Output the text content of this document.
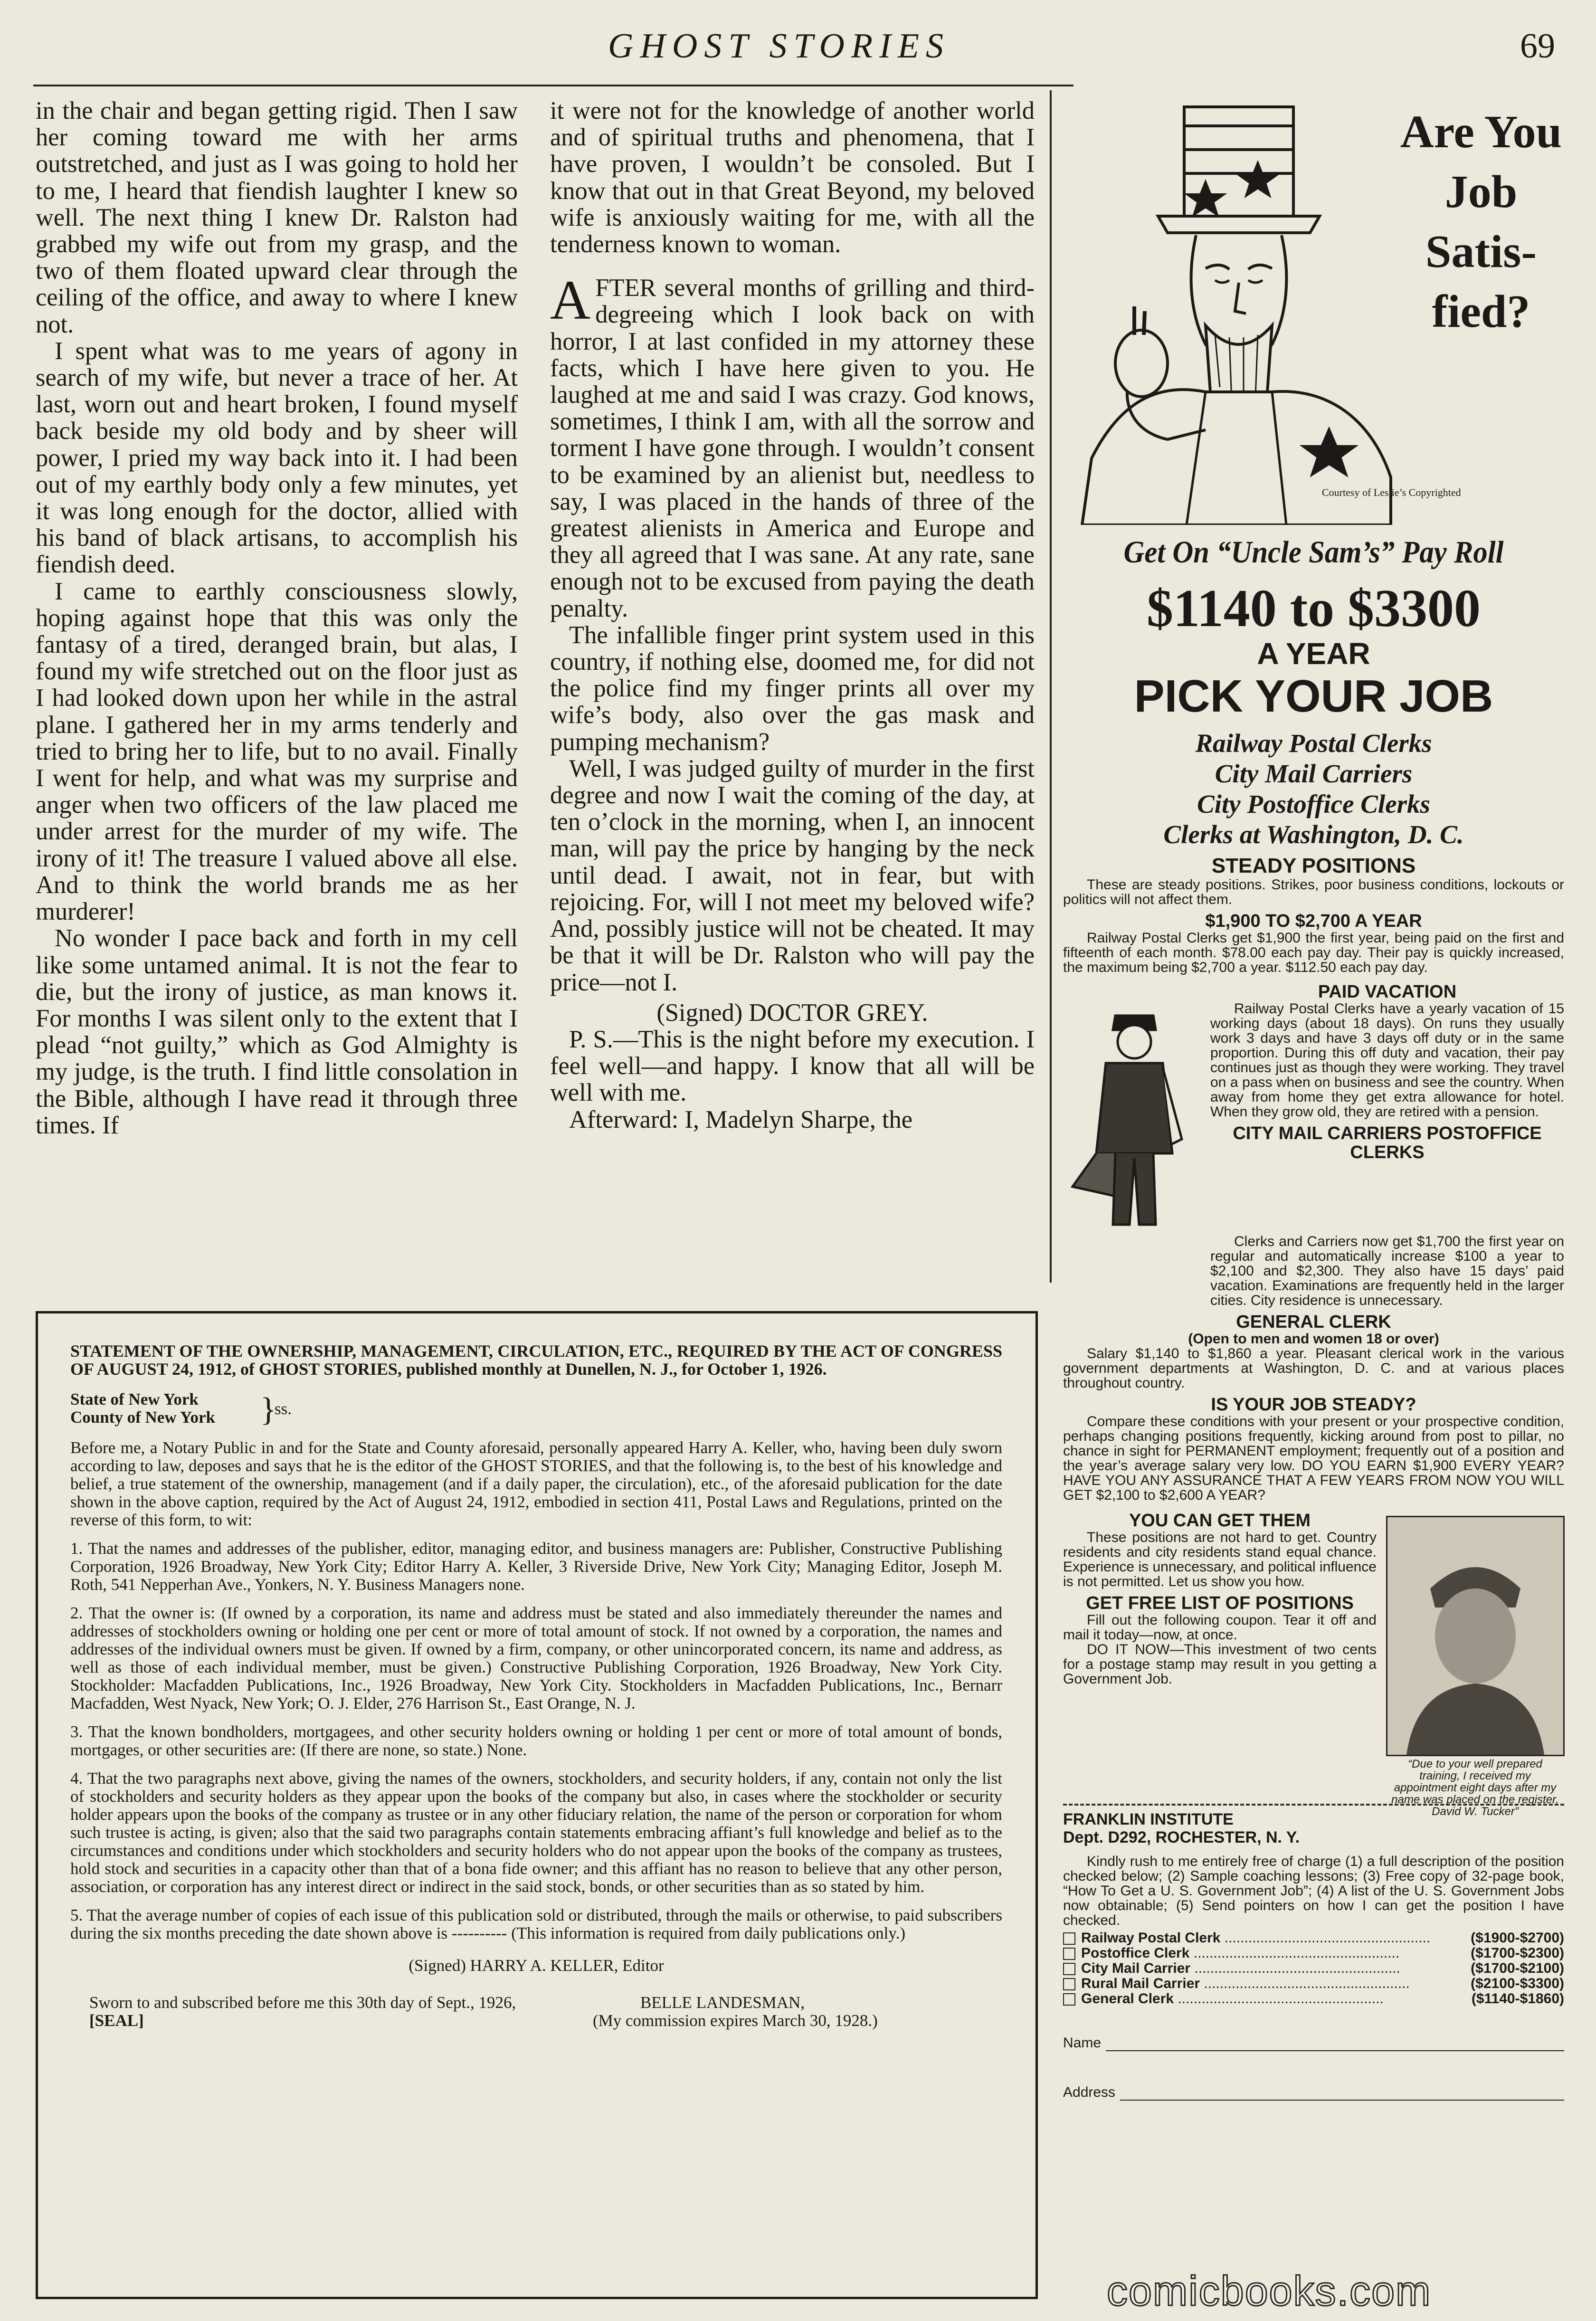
GHOST STORIES	69

in the chair and began getting rigid. Then I saw her coming toward me with her arms outstretched, and just as I was going to hold her to me, I heard that fiendish laughter I knew so well. The next thing I knew Dr. Ralston had grabbed my wife out from my grasp, and the two of them floated upward clear through the ceiling of the office, and away to where I knew not.

I spent what was to me years of agony in search of my wife, but never a trace of her. At last, worn out and heart broken, I found myself back beside my old body and by sheer will power, I pried my way back into it. I had been out of my earthly body only a few minutes, yet it was long enough for the doctor, allied with his band of black artisans, to accomplish his fiendish deed.

I came to earthly consciousness slowly, hoping against hope that this was only the fantasy of a tired, deranged brain, but alas, I found my wife stretched out on the floor just as I had looked down upon her while in the astral plane. I gathered her in my arms tenderly and tried to bring her to life, but to no avail. Finally I went for help, and what was my surprise and anger when two officers of the law placed me under arrest for the murder of my wife. The irony of it! The treasure I valued above all else. And to think the world brands me as her murderer!

No wonder I pace back and forth in my cell like some untamed animal. It is not the fear to die, but the irony of justice, as man knows it. For months I was silent only to the extent that I plead “not guilty,” which as God Almighty is my judge, is the truth. I find little consolation in the Bible, although I have read it through three times. If

it were not for the knowledge of another world and of spiritual truths and phenomena, that I have proven, I wouldn’t be consoled. But I know that out in that Great Beyond, my beloved wife is anxiously waiting for me, with all the tenderness known to woman.

AFTER several months of grilling and third-degreeing which I look back on with horror, I at last confided in my attorney these facts, which I have here given to you. He laughed at me and said I was crazy. God knows, sometimes, I think I am, with all the sorrow and torment I have gone through. I wouldn’t consent to be examined by an alienist but, needless to say, I was placed in the hands of three of the greatest alienists in America and Europe and they all agreed that I was sane. At any rate, sane enough not to be excused from paying the death penalty.

The infallible finger print system used in this country, if nothing else, doomed me, for did not the police find my finger prints all over my wife’s body, also over the gas mask and pumping mechanism?

Well, I was judged guilty of murder in the first degree and now I wait the coming of the day, at ten o’clock in the morning, when I, an innocent man, will pay the price by hanging by the neck until dead. I await, not in fear, but with rejoicing. For, will I not meet my beloved wife? And, possibly justice will not be cheated. It may be that it will be Dr. Ralston who will pay the price—not I.

(Signed) DOCTOR GREY.

P. S.—This is the night before my execution. I feel well—and happy. I know that all will be well with me.

Afterward: I, Madelyn Sharpe, the

STATEMENT OF THE OWNERSHIP, MANAGEMENT, CIRCULATION, ETC., REQUIRED BY THE ACT OF CONGRESS OF AUGUST 24, 1912, of GHOST STORIES, published monthly at Dunellen, N. J., for October 1, 1926.

State of New York
County of New York	}
ss.

Before me, a Notary Public in and for the State and County aforesaid, personally appeared Harry A. Keller, who, having been duly sworn according to law, deposes and says that he is the editor of the GHOST STORIES, and that the following is, to the best of his knowledge and belief, a true statement of the ownership, management (and if a daily paper, the circulation), etc., of the aforesaid publication for the date shown in the above caption, required by the Act of August 24, 1912, embodied in section 411, Postal Laws and Regulations, printed on the reverse of this form, to wit:

1. That the names and addresses of the publisher, editor, managing editor, and business managers are: Publisher, Constructive Publishing Corporation, 1926 Broadway, New York City; Editor Harry A. Keller, 3 Riverside Drive, New York City; Managing Editor, Joseph M. Roth, 541 Nepperhan Ave., Yonkers, N. Y. Business Managers none.

2. That the owner is: (If owned by a corporation, its name and address must be stated and also immediately thereunder the names and addresses of stockholders owning or holding one per cent or more of total amount of stock. If not owned by a corporation, the names and addresses of the individual owners must be given. If owned by a firm, company, or other unincorporated concern, its name and address, as well as those of each individual member, must be given.) Constructive Publishing Corporation, 1926 Broadway, New York City. Stockholder: Macfadden Publications, Inc., 1926 Broadway, New York City. Stockholders in Macfadden Publications, Inc., Bernarr Macfadden, West Nyack, New York; O. J. Elder, 276 Harrison St., East Orange, N. J.

3. That the known bondholders, mortgagees, and other security holders owning or holding 1 per cent or more of total amount of bonds, mortgages, or other securities are: (If there are none, so state.) None.

4. That the two paragraphs next above, giving the names of the owners, stockholders, and security holders, if any, contain not only the list of stockholders and security holders as they appear upon the books of the company but also, in cases where the stockholder or security holder appears upon the books of the company as trustee or in any other fiduciary relation, the name of the person or corporation for whom such trustee is acting, is given; also that the said two paragraphs contain statements embracing affiant’s full knowledge and belief as to the circumstances and conditions under which stockholders and security holders who do not appear upon the books of the company as trustees, hold stock and securities in a capacity other than that of a bona fide owner; and this affiant has no reason to believe that any other person, association, or corporation has any interest direct or indirect in the said stock, bonds, or other securities than as so stated by him.

5. That the average number of copies of each issue of this publication sold or distributed, through the mails or otherwise, to paid subscribers during the six months preceding the date shown above is ---------- (This information is required from daily publications only.)

(Signed) HARRY A. KELLER, Editor

Sworn to and subscribed before me this 30th day of Sept., 1926,
[SEAL]
BELLE LANDESMAN,
(My commission expires March 30, 1928.)
Are You
Job
Satis-
fied?
Courtesy of Leslie’s Copyrighted
Get On “Uncle Sam’s” Pay Roll
$1140 to $3300
A YEAR
PICK YOUR JOB
Railway Postal Clerks
City Mail Carriers
City Postoffice Clerks
Clerks at Washington, D. C.
STEADY POSITIONS
These are steady positions. Strikes, poor business conditions, lockouts or politics will not affect them.
$1,900 TO $2,700 A YEAR
Railway Postal Clerks get $1,900 the first year, being paid on the first and fifteenth of each month. $78.00 each pay day. Their pay is quickly increased, the maximum being $2,700 a year. $112.50 each pay day.
PAID VACATION
Railway Postal Clerks have a yearly vacation of 15 working days (about 18 days). On runs they usually work 3 days and have 3 days off duty or in the same proportion. During this off duty and vacation, their pay continues just as though they were working. They travel on a pass when on business and see the country. When away from home they get extra allowance for hotel. When they grow old, they are retired with a pension.
CITY MAIL CARRIERS POSTOFFICE CLERKS
Clerks and Carriers now get $1,700 the first year on regular and automatically increase $100 a year to $2,100 and $2,300. They also have 15 days’ paid vacation. Examinations are frequently held in the larger cities. City residence is unnecessary.
GENERAL CLERK
(Open to men and women 18 or over)
Salary $1,140 to $1,860 a year. Pleasant clerical work in the various government departments at Washington, D. C. and at various places throughout country.
IS YOUR JOB STEADY?
Compare these conditions with your present or your prospective condition, perhaps changing positions frequently, kicking around from post to pillar, no chance in sight for PERMANENT employment; frequently out of a position and the year’s average salary very low. DO YOU EARN $1,900 EVERY YEAR? HAVE YOU ANY ASSURANCE THAT A FEW YEARS FROM NOW YOU WILL GET $2,100 to $2,600 A YEAR?
YOU CAN GET THEM
These positions are not hard to get. Country residents and city residents stand equal chance. Experience is unnecessary, and political influence is not permitted. Let us show you how.
GET FREE LIST OF POSITIONS
Fill out the following coupon. Tear it off and mail it today—now, at once.
DO IT NOW—This investment of two cents for a postage stamp may result in you getting a Government Job.
“Due to your well prepared training, I received my appointment eight days after my name was placed on the register. David W. Tucker”
FRANKLIN INSTITUTE
Dept. D292, ROCHESTER, N. Y.
Kindly rush to me entirely free of charge (1) a full description of the position checked below; (2) Sample coaching lessons; (3) Free copy of 32-page book, “How To Get a U. S. Government Job”; (4) A list of the U. S. Government Jobs now obtainable; (5) Send pointers on how I can get the position I have checked.
Railway Postal Clerk .....	($1900-$2700)
Postoffice Clerk .....	($1700-$2300)
City Mail Carrier .....	($1700-$2100)
Rural Mail Carrier .....	($2100-$3300)
General Clerk .....	($1140-$1860)
Name
Address
comicbooks.com
